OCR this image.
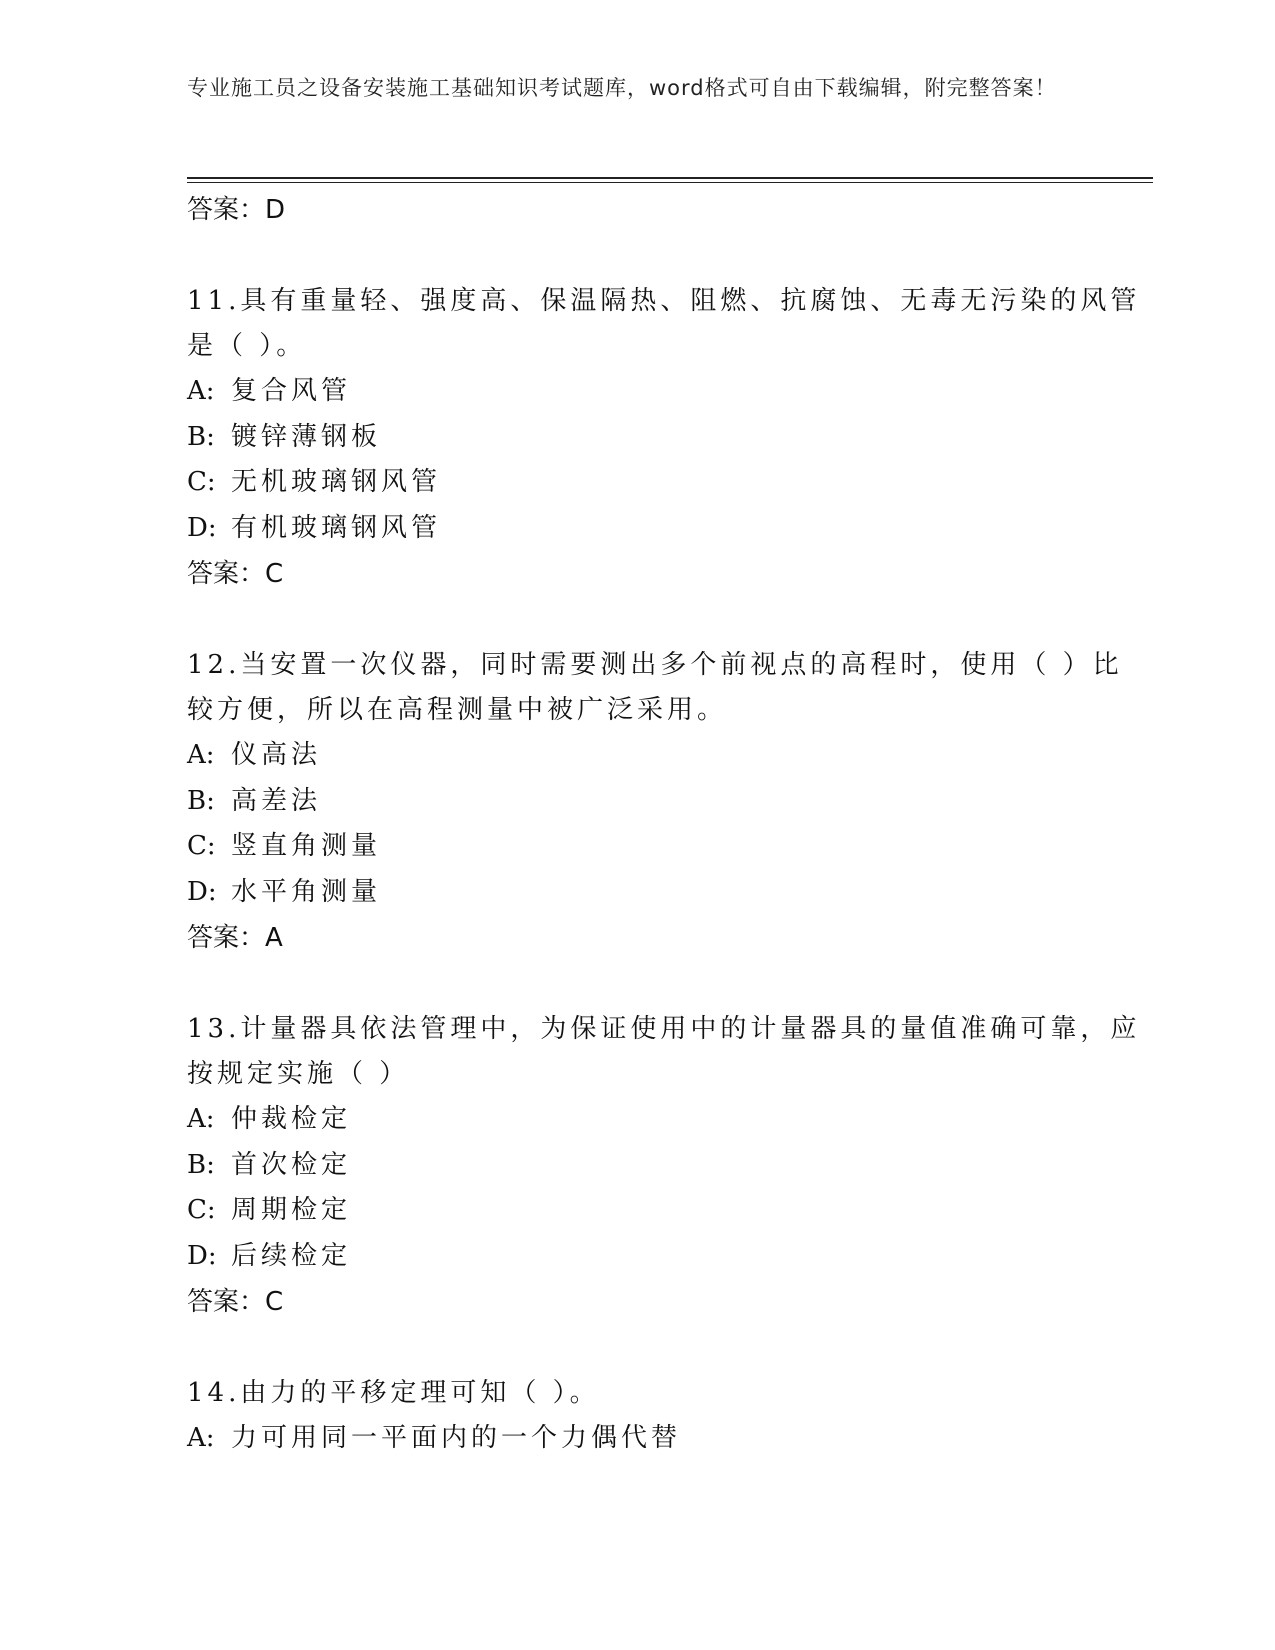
专业施工员之设备安装施工基础知识考试题库，word格式可自由下载编辑，附完整答案！
答案：D
11.具有重量轻、强度高、保温隔热、阻燃、抗腐蚀、无毒无污染的风管是（ ）。
A: 复合风管
B: 镀锌薄钢板
C: 无机玻璃钢风管
D: 有机玻璃钢风管
答案：C
12.当安置一次仪器，同时需要测出多个前视点的高程时，使用（ ）比较方便，所以在高程测量中被广泛采用。
A: 仪高法
B: 高差法
C: 竖直角测量
D: 水平角测量
答案：A
13.计量器具依法管理中，为保证使用中的计量器具的量值准确可靠，应按规定实施（ ）
A: 仲裁检定
B: 首次检定
C: 周期检定
D: 后续检定
答案：C
14.由力的平移定理可知（ ）。
A: 力可用同一平面内的一个力偶代替
